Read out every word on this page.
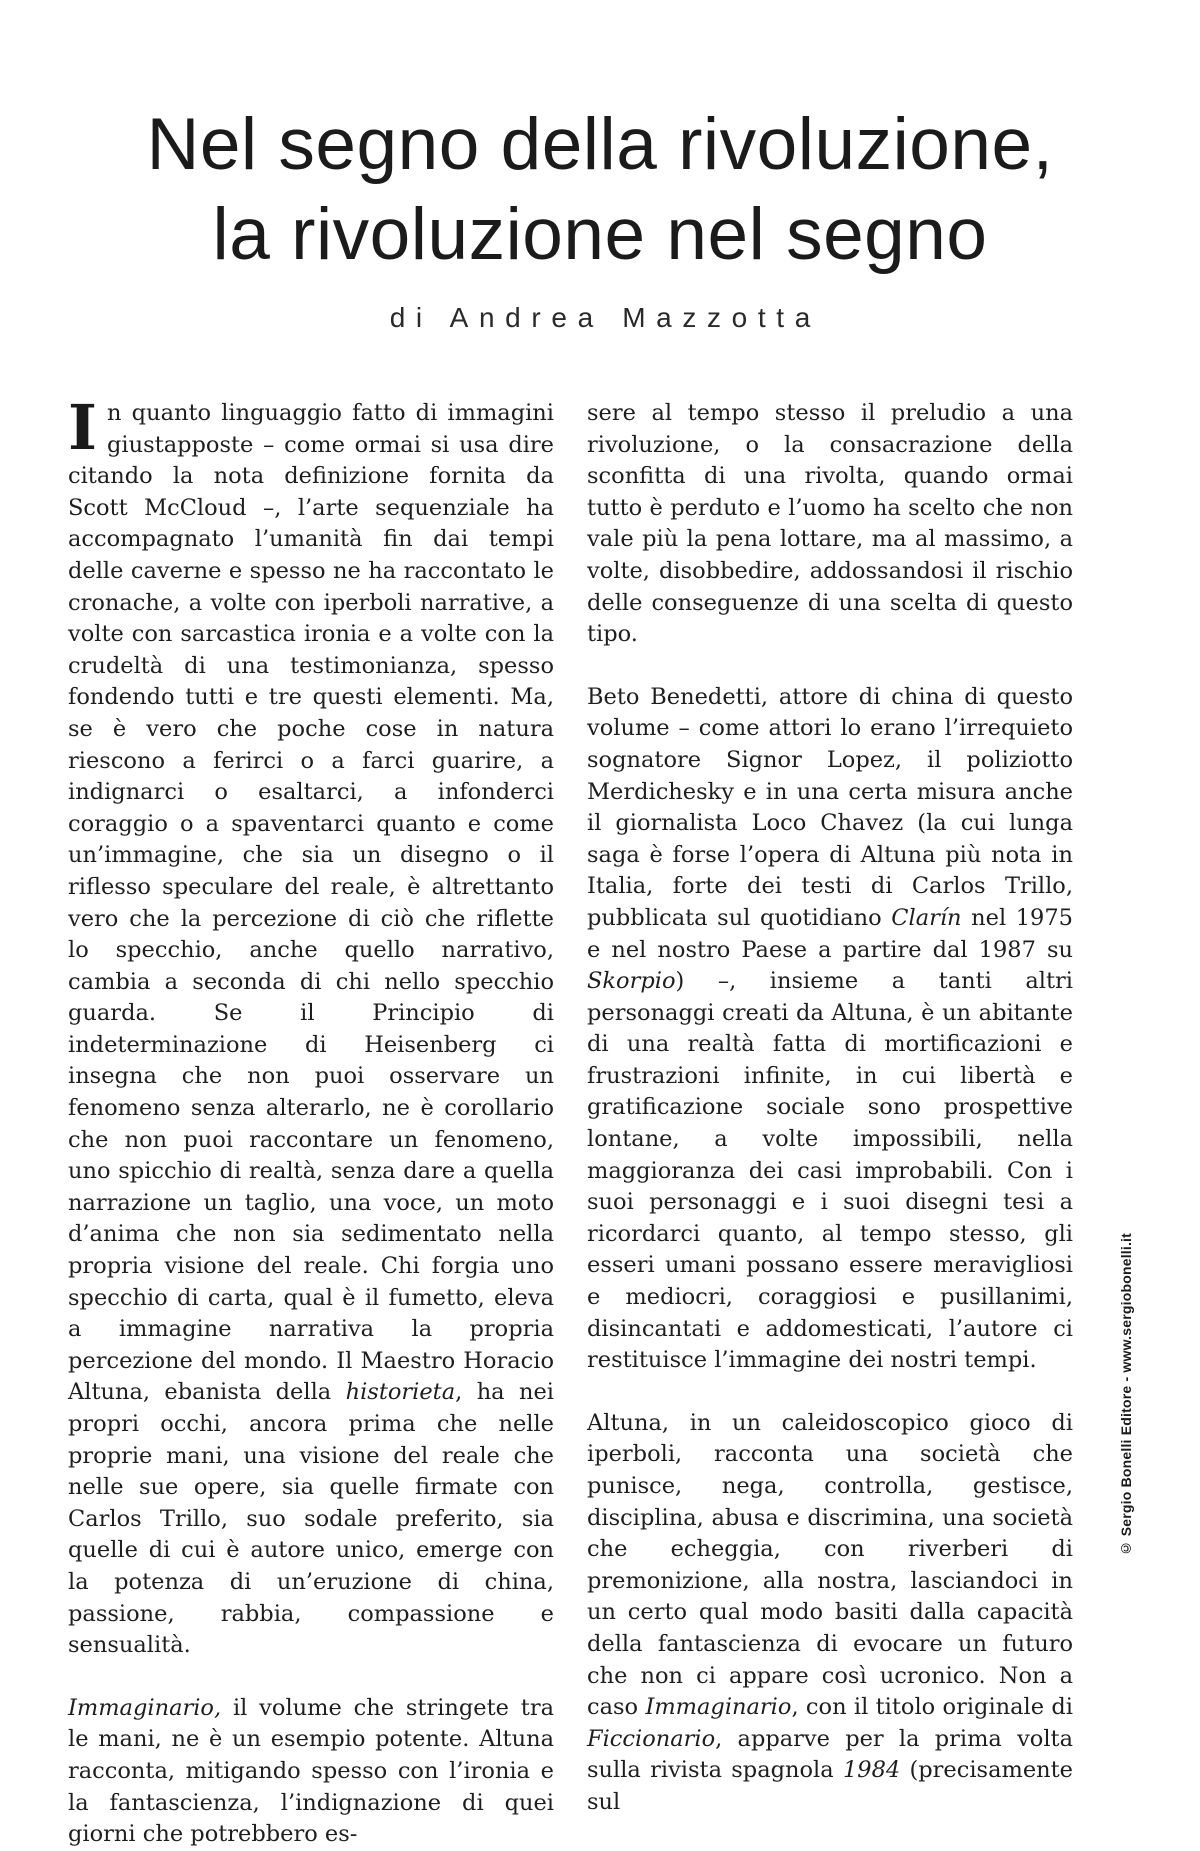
Nel segno della rivoluzione,
la rivoluzione nel segno
di Andrea Mazzotta

In quanto linguaggio fatto di immagini giustapposte – come ormai si usa dire citando la nota definizione fornita da Scott McCloud –, l’arte sequenziale ha accompagnato l’umanità fin dai tempi delle caverne e spesso ne ha raccontato le cronache, a volte con iperboli narrative, a volte con sarcastica ironia e a volte con la crudeltà di una testimonianza, spesso fondendo tutti e tre questi elementi. Ma, se è vero che poche cose in natura riescono a ferirci o a farci guarire, a indignarci o esaltarci, a infonderci coraggio o a spaventarci quanto e come un’immagine, che sia un disegno o il riflesso speculare del reale, è altrettanto vero che la percezione di ciò che riflette lo specchio, anche quello narrativo, cambia a seconda di chi nello specchio guarda. Se il Principio di indeterminazione di Heisenberg ci insegna che non puoi osservare un fenomeno senza alterarlo, ne è corollario che non puoi raccontare un fenomeno, uno spicchio di realtà, senza dare a quella narrazione un taglio, una voce, un moto d’anima che non sia sedimentato nella propria visione del reale. Chi forgia uno specchio di carta, qual è il fumetto, eleva a immagine narrativa la propria percezione del mondo. Il Maestro Horacio Altuna, ebanista della historieta, ha nei propri occhi, ancora prima che nelle proprie mani, una visione del reale che nelle sue opere, sia quelle firmate con Carlos Trillo, suo sodale preferito, sia quelle di cui è autore unico, emerge con la potenza di un’eruzione di china, passione, rabbia, compassione e sensualità.

Immaginario, il volume che stringete tra le mani, ne è un esempio potente. Altuna racconta, mitigando spesso con l’ironia e la fantascienza, l’indignazione di quei giorni che potrebbero es-

sere al tempo stesso il preludio a una rivoluzione, o la consacrazione della sconfitta di una rivolta, quando ormai tutto è perduto e l’uomo ha scelto che non vale più la pena lottare, ma al massimo, a volte, disobbedire, addossandosi il rischio delle conseguenze di una scelta di questo tipo.

Beto Benedetti, attore di china di questo volume – come attori lo erano l’irrequieto sognatore Signor Lopez, il poliziotto Merdichesky e in una certa misura anche il giornalista Loco Chavez (la cui lunga saga è forse l’opera di Altuna più nota in Italia, forte dei testi di Carlos Trillo, pubblicata sul quotidiano Clarín nel 1975 e nel nostro Paese a partire dal 1987 su Skorpio) –, insieme a tanti altri personaggi creati da Altuna, è un abitante di una realtà fatta di mortificazioni e frustrazioni infinite, in cui libertà e gratificazione sociale sono prospettive lontane, a volte impossibili, nella maggioranza dei casi improbabili. Con i suoi personaggi e i suoi disegni tesi a ricordarci quanto, al tempo stesso, gli esseri umani possano essere meravigliosi e mediocri, coraggiosi e pusillanimi, disincantati e addomesticati, l’autore ci restituisce l’immagine dei nostri tempi.

Altuna, in un caleidoscopico gioco di iperboli, racconta una società che punisce, nega, controlla, gestisce, disciplina, abusa e discrimina, una società che echeggia, con riverberi di premonizione, alla nostra, lasciandoci in un certo qual modo basiti dalla capacità della fantascienza di evocare un futuro che non ci appare così ucronico. Non a caso Immaginario, con il titolo originale di Ficcionario, apparve per la prima volta sulla rivista spagnola 1984 (precisamente sul

© Sergio Bonelli Editore - www.sergiobonelli.it
